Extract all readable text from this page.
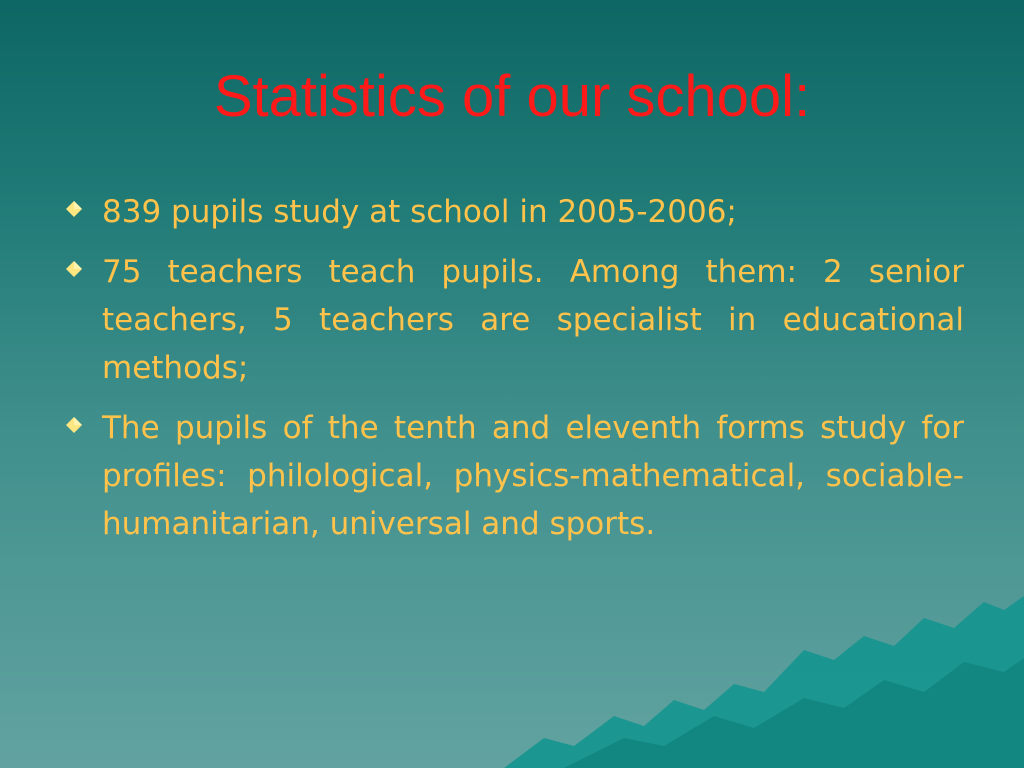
Statistics of our school:
839 pupils study at school in 2005-2006;
75 teachers teach pupils. Among them: 2 senior teachers, 5 teachers are specialist in educational methods;
The pupils of the tenth and eleventh forms study for profiles: philological, physics-mathematical, sociable-humanitarian, universal and sports.
